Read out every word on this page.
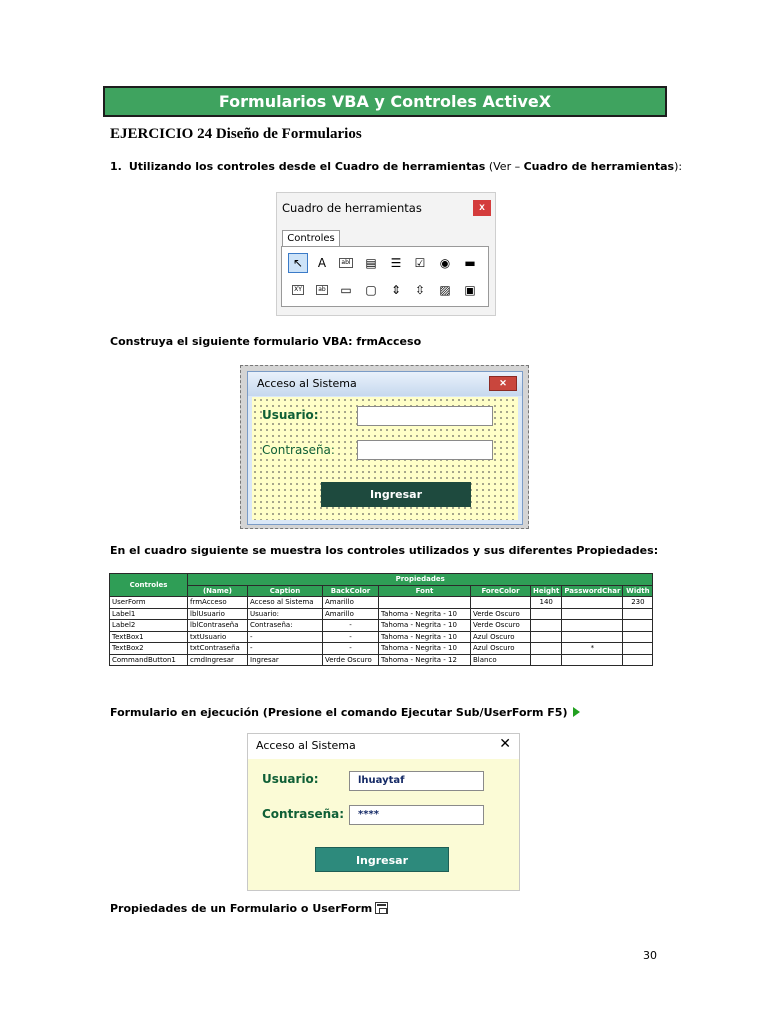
Formularios VBA y Controles ActiveX
EJERCICIO 24 Diseño de Formularios
1. Utilizando los controles desde el Cuadro de herramientas (Ver – Cuadro de herramientas):
Cuadro de herramientas	x
Controles
↖ A	abl ▤ ☰ ☑ ◉ ▬
XY	ab ▭ ▢ ⇕ ⇳ ▨ ▣
Construya el siguiente formulario VBA: frmAcceso
Acceso al Sistema	✕
Usuario:
Contraseña:
Ingresar
En el cuadro siguiente se muestra los controles utilizados y sus diferentes Propiedades:
Controles	Propiedades							
	(Name)	Caption	BackColor	Font	ForeColor	Height	PasswordChar	Width
UserForm	frmAcceso	Acceso al Sistema	Amarillo			140		230
Label1	lblUsuario	Usuario:	Amarillo	Tahoma - Negrita - 10	Verde Oscuro			
Label2	lblContraseña	Contraseña:	-	Tahoma - Negrita - 10	Verde Oscuro			
TextBox1	txtUsuario	-	-	Tahoma - Negrita - 10	Azul Oscuro			
TextBox2	txtContraseña	-	-	Tahoma - Negrita - 10	Azul Oscuro		*	
CommandButton1	cmdIngresar	Ingresar	Verde Oscuro	Tahoma - Negrita - 12	Blanco			
Formulario en ejecución (Presione el comando Ejecutar Sub/UserForm F5)
Acceso al Sistema	✕
Usuario:	lhuaytaf
Contraseña:	****
Ingresar
Propiedades de un Formulario o UserForm
30
